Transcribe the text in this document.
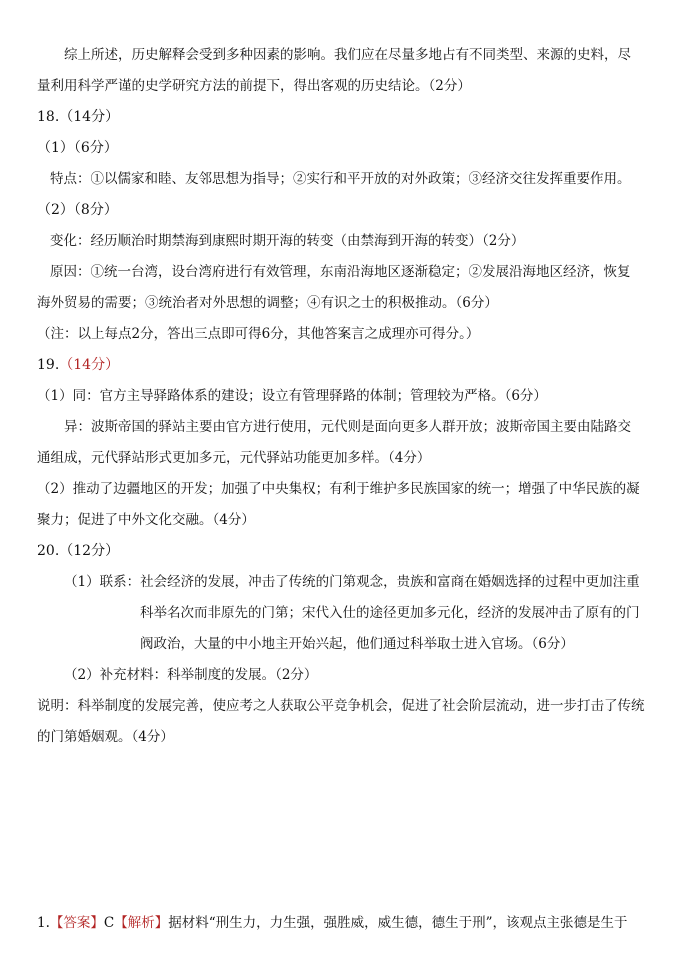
综上所述，历史解释会受到多种因素的影响。我们应在尽量多地占有不同类型、来源的史料，尽
量利用科学严谨的史学研究方法的前提下，得出客观的历史结论。（2分）
18.（14分）
（1）（6分）
特点：①以儒家和睦、友邻思想为指导；②实行和平开放的对外政策；③经济交往发挥重要作用。
（2）（8分）
变化：经历顺治时期禁海到康熙时期开海的转变（由禁海到开海的转变）（2分）
原因：①统一台湾，设台湾府进行有效管理，东南沿海地区逐渐稳定；②发展沿海地区经济，恢复
海外贸易的需要；③统治者对外思想的调整；④有识之士的积极推动。（6分）
（注：以上每点2分，答出三点即可得6分，其他答案言之成理亦可得分。）
19.（14分）
（1）同：官方主导驿路体系的建设；设立有管理驿路的体制；管理较为严格。（6分）
异：波斯帝国的驿站主要由官方进行使用，元代则是面向更多人群开放；波斯帝国主要由陆路交
通组成，元代驿站形式更加多元，元代驿站功能更加多样。（4分）
（2）推动了边疆地区的开发；加强了中央集权；有利于维护多民族国家的统一；增强了中华民族的凝
聚力；促进了中外文化交融。（4分）
20.（12分）
（1）联系：社会经济的发展，冲击了传统的门第观念，贵族和富商在婚姻选择的过程中更加注重
科举名次而非原先的门第；宋代入仕的途径更加多元化，经济的发展冲击了原有的门
阀政治，大量的中小地主开始兴起，他们通过科举取士进入官场。（6分）
（2）补充材料：科举制度的发展。（2分）
说明：科举制度的发展完善，使应考之人获取公平竞争机会，促进了社会阶层流动，进一步打击了传统
的门第婚姻观。（4分）
1.【答案】C【解析】据材料“刑生力，力生强，强胜威，威生德，德生于刑”，该观点主张德是生于
